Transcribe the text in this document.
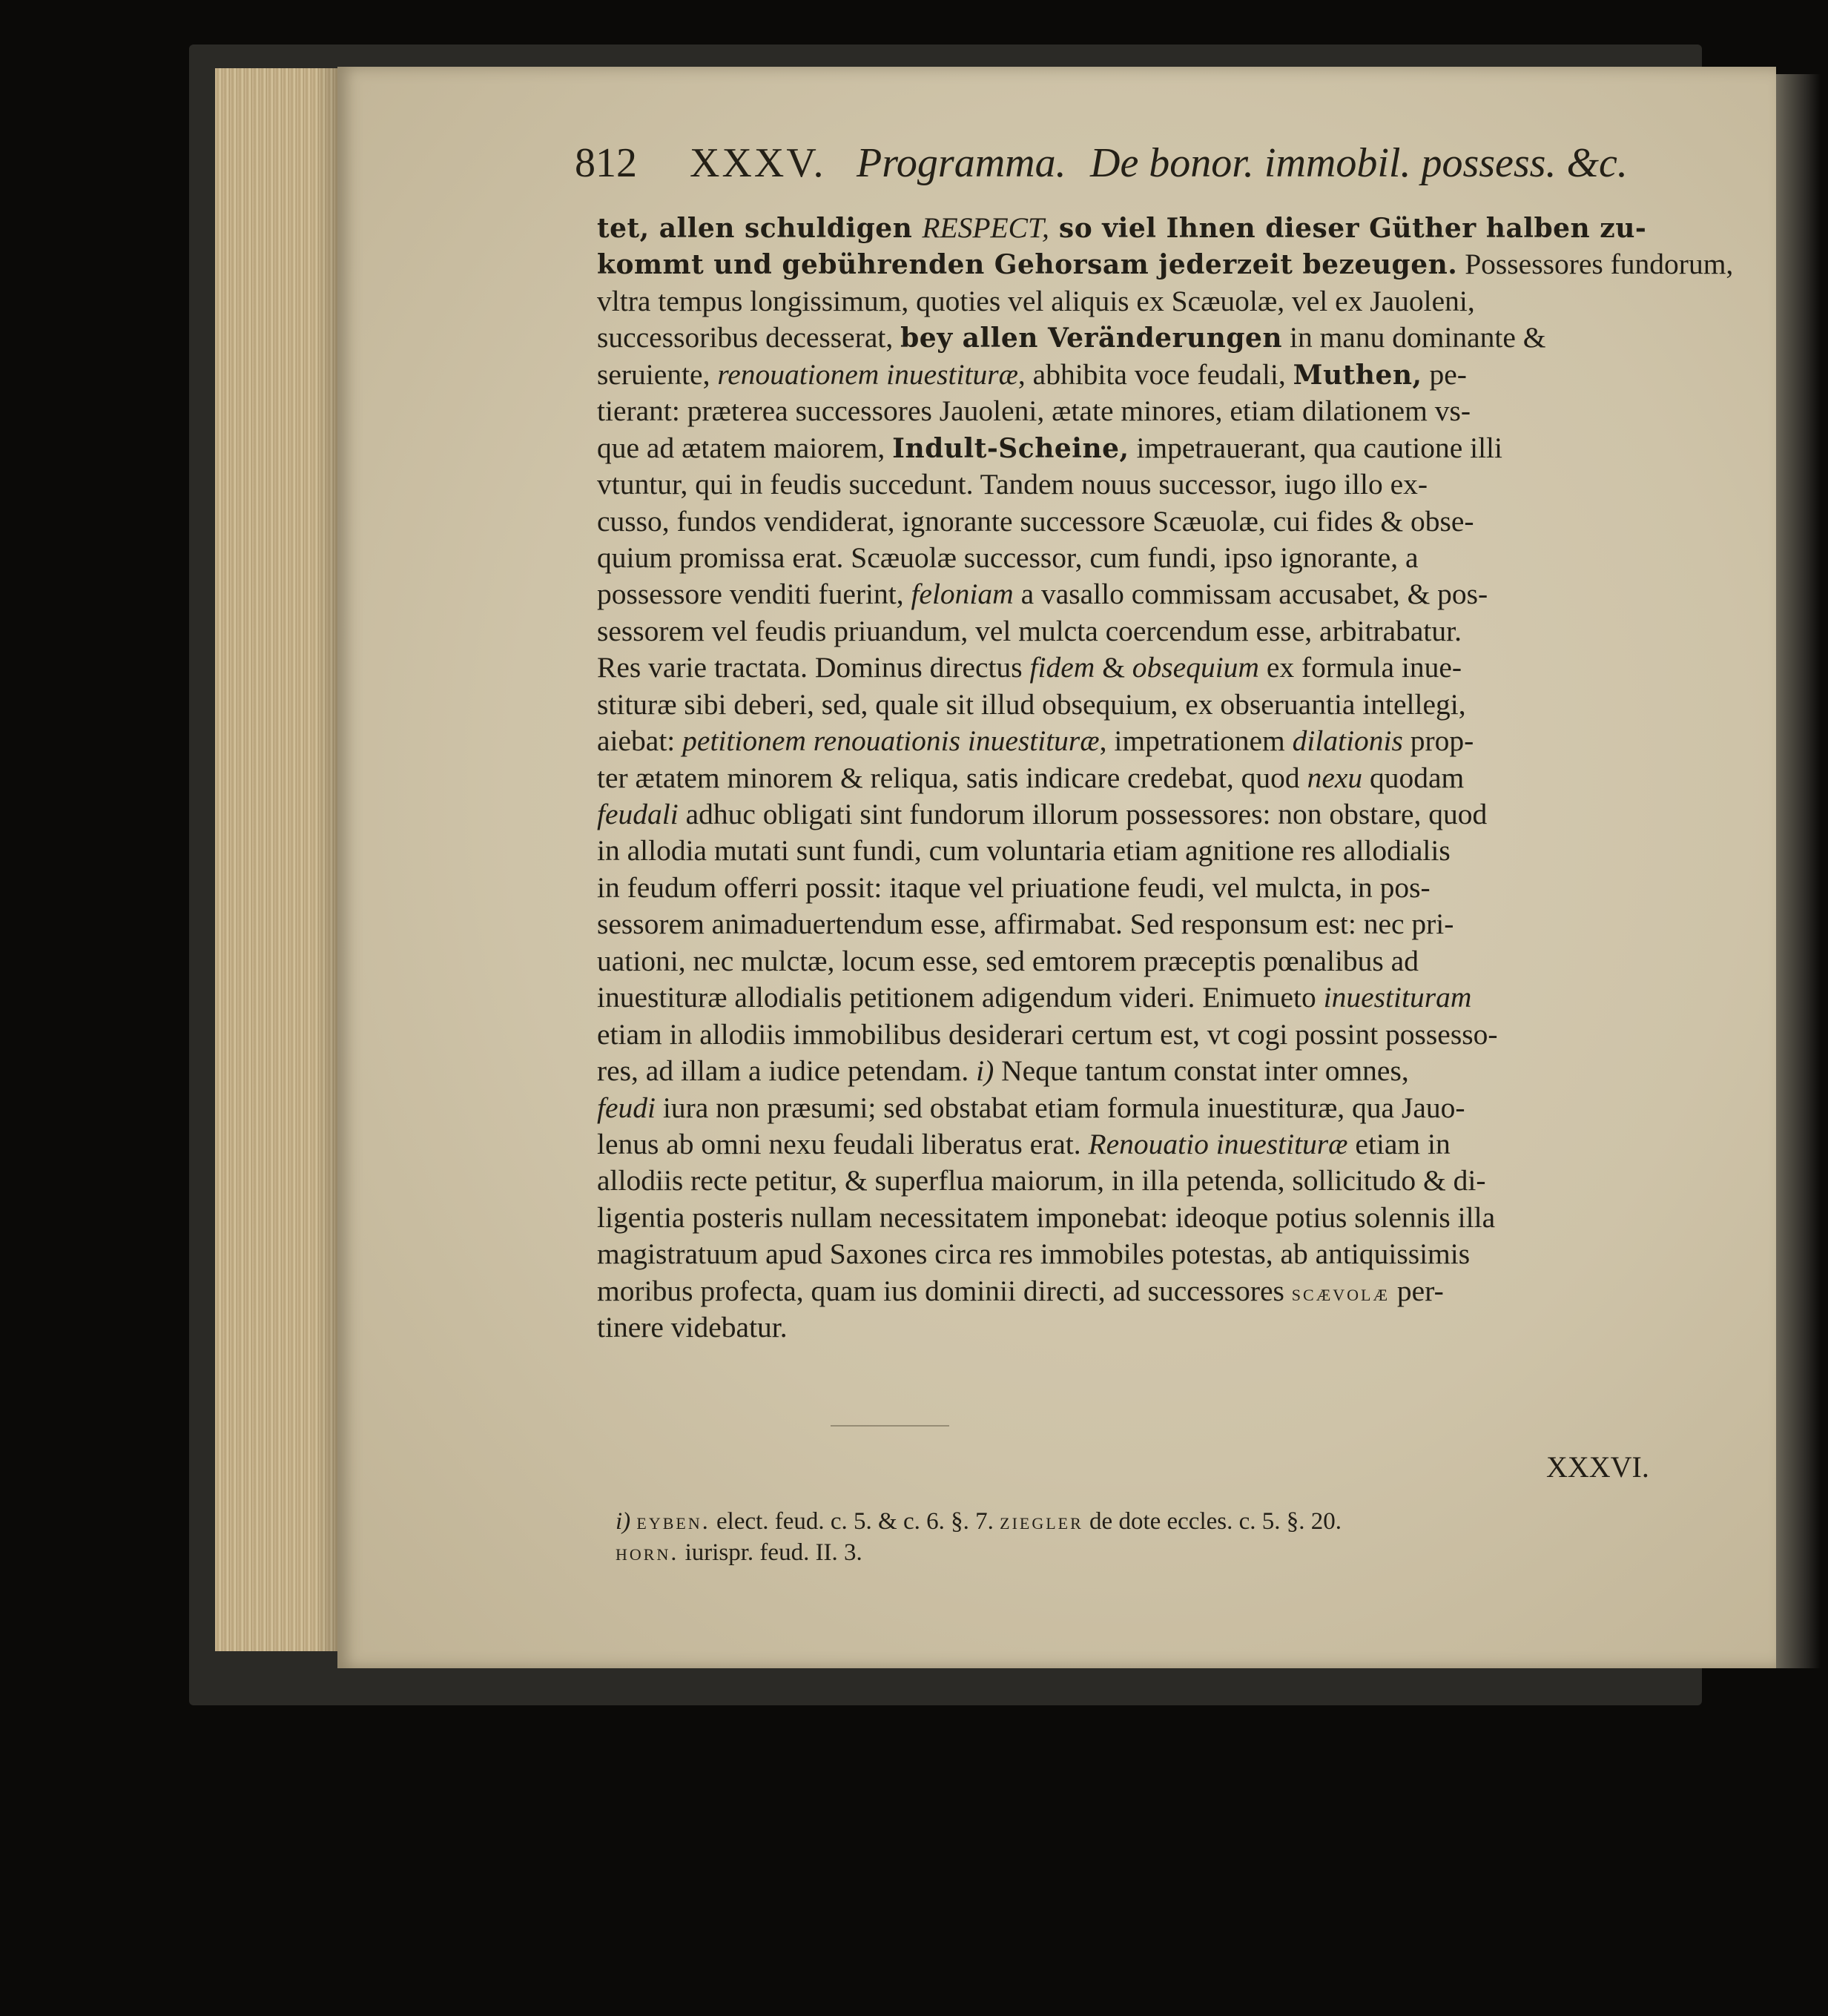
812 XXXV. Programma. De bonor. immobil. possess. &c.
tet, allen schuldigen RESPECT, so viel Ihnen dieser Güther halben zu-
kommt und gebührenden Gehorsam jederzeit bezeugen. Possessores fundorum,
vltra tempus longissimum, quoties vel aliquis ex Scæuolæ, vel ex Jauoleni,
successoribus decesserat, bey allen Veränderungen in manu dominante &
seruiente, renouationem inuestituræ, abhibita voce feudali, Muthen, pe-
tierant: præterea successores Jauoleni, ætate minores, etiam dilationem vs-
que ad ætatem maiorem, Indult-Scheine, impetrauerant, qua cautione illi
vtuntur, qui in feudis succedunt. Tandem nouus successor, iugo illo ex-
cusso, fundos vendiderat, ignorante successore Scæuolæ, cui fides & obse-
quium promissa erat. Scæuolæ successor, cum fundi, ipso ignorante, a
possessore venditi fuerint, feloniam a vasallo commissam accusabet, & pos-
sessorem vel feudis priuandum, vel mulcta coercendum esse, arbitrabatur.
Res varie tractata. Dominus directus fidem & obsequium ex formula inue-
stituræ sibi deberi, sed, quale sit illud obsequium, ex obseruantia intellegi,
aiebat: petitionem renouationis inuestituræ, impetrationem dilationis prop-
ter ætatem minorem & reliqua, satis indicare credebat, quod nexu quodam
feudali adhuc obligati sint fundorum illorum possessores: non obstare, quod
in allodia mutati sunt fundi, cum voluntaria etiam agnitione res allodialis
in feudum offerri possit: itaque vel priuatione feudi, vel mulcta, in pos-
sessorem animaduertendum esse, affirmabat. Sed responsum est: nec pri-
uationi, nec mulctæ, locum esse, sed emtorem præceptis pœnalibus ad
inuestituræ allodialis petitionem adigendum videri. Enimueto inuestituram
etiam in allodiis immobilibus desiderari certum est, vt cogi possint possesso-
res, ad illam a iudice petendam. i) Neque tantum constat inter omnes,
feudi iura non præsumi; sed obstabat etiam formula inuestituræ, qua Jauo-
lenus ab omni nexu feudali liberatus erat. Renouatio inuestituræ etiam in
allodiis recte petitur, & superflua maiorum, in illa petenda, sollicitudo & di-
ligentia posteris nullam necessitatem imponebat: ideoque potius solennis illa
magistratuum apud Saxones circa res immobiles potestas, ab antiquissimis
moribus profecta, quam ius dominii directi, ad successores scævolæ per-
tinere videbatur.
XXXVI.
i) eyben. elect. feud. c. 5. & c. 6. §. 7. ziegler de dote eccles. c. 5. §. 20.
horn. iurispr. feud. II. 3.
